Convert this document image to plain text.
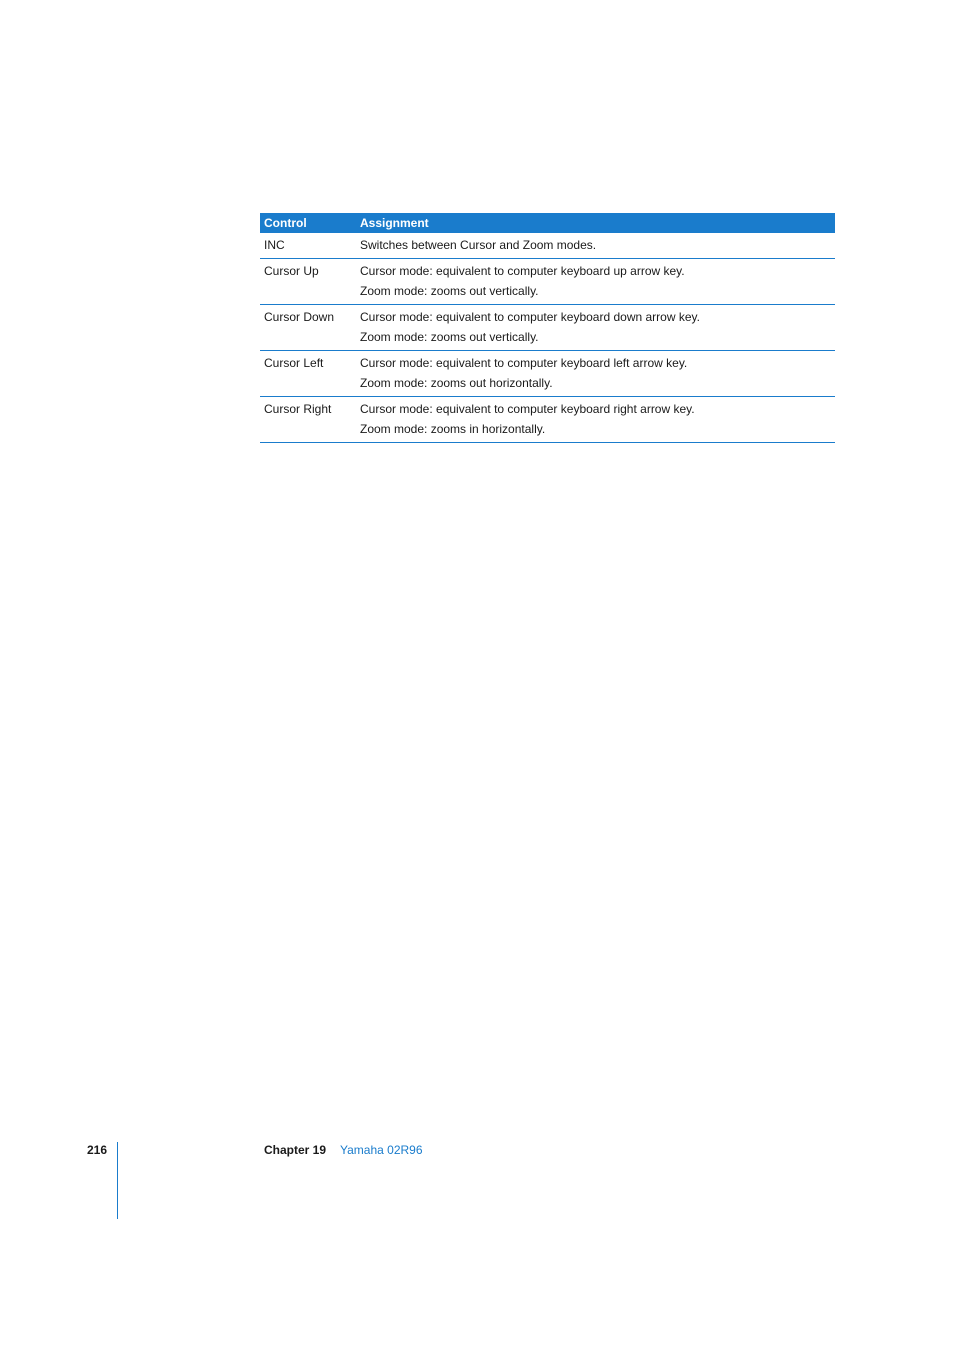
Control	Assignment
INC	Switches between Cursor and Zoom modes.

Cursor Up	Cursor mode: equivalent to computer keyboard up arrow key.
Zoom mode: zooms out vertically.

Cursor Down	Cursor mode: equivalent to computer keyboard down arrow key.
Zoom mode: zooms out vertically.

Cursor Left	Cursor mode: equivalent to computer keyboard left arrow key.
Zoom mode: zooms out horizontally.

Cursor Right	Cursor mode: equivalent to computer keyboard right arrow key.
Zoom mode: zooms in horizontally.
216	Chapter 19 Yamaha 02R96
